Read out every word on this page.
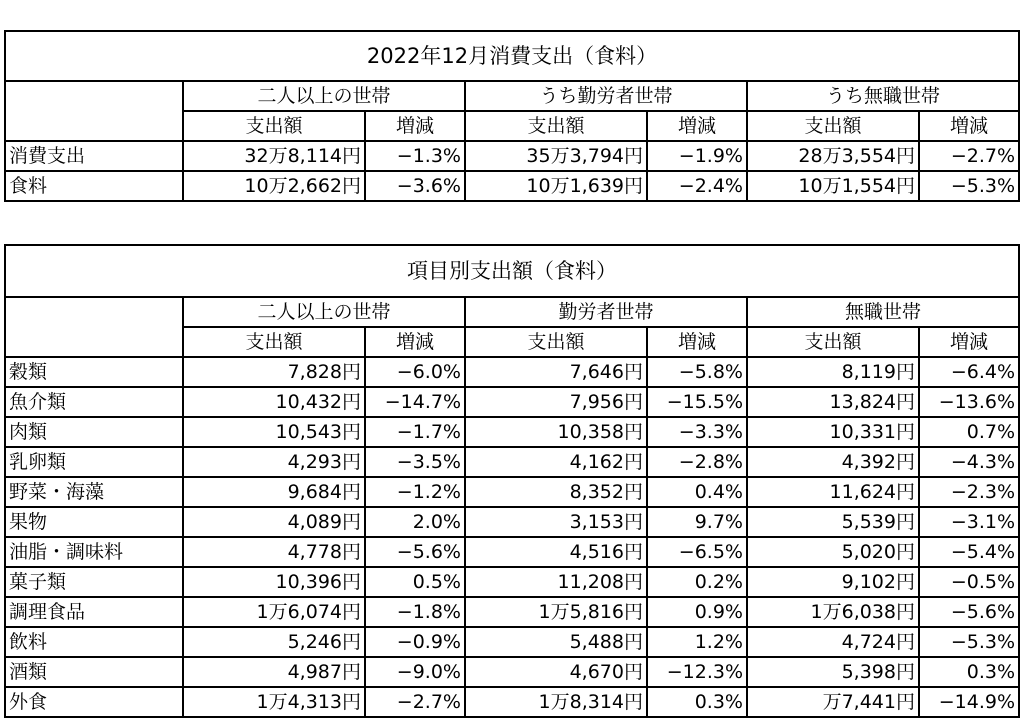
2022年12月消費支出（食料）						
	二人以上の世帯		うち勤労者世帯		うち無職世帯	
	支出額	増減	支出額	増減	支出額	増減
消費支出	32万8,114円	−1.3%	35万3,794円	−1.9%	28万3,554円	−2.7%
食料	10万2,662円	−3.6%	10万1,639円	−2.4%	10万1,554円	−5.3%
項目別支出額（食料）						
	二人以上の世帯		勤労者世帯		無職世帯	
	支出額	増減	支出額	増減	支出額	増減
穀類	7,828円	−6.0%	7,646円	−5.8%	8,119円	−6.4%
魚介類	10,432円	−14.7%	7,956円	−15.5%	13,824円	−13.6%
肉類	10,543円	−1.7%	10,358円	−3.3%	10,331円	0.7%
乳卵類	4,293円	−3.5%	4,162円	−2.8%	4,392円	−4.3%
野菜・海藻	9,684円	−1.2%	8,352円	0.4%	11,624円	−2.3%
果物	4,089円	2.0%	3,153円	9.7%	5,539円	−3.1%
油脂・調味料	4,778円	−5.6%	4,516円	−6.5%	5,020円	−5.4%
菓子類	10,396円	0.5%	11,208円	0.2%	9,102円	−0.5%
調理食品	1万6,074円	−1.8%	1万5,816円	0.9%	1万6,038円	−5.6%
飲料	5,246円	−0.9%	5,488円	1.2%	4,724円	−5.3%
酒類	4,987円	−9.0%	4,670円	−12.3%	5,398円	0.3%
外食	1万4,313円	−2.7%	1万8,314円	0.3%	万7,441円	−14.9%
